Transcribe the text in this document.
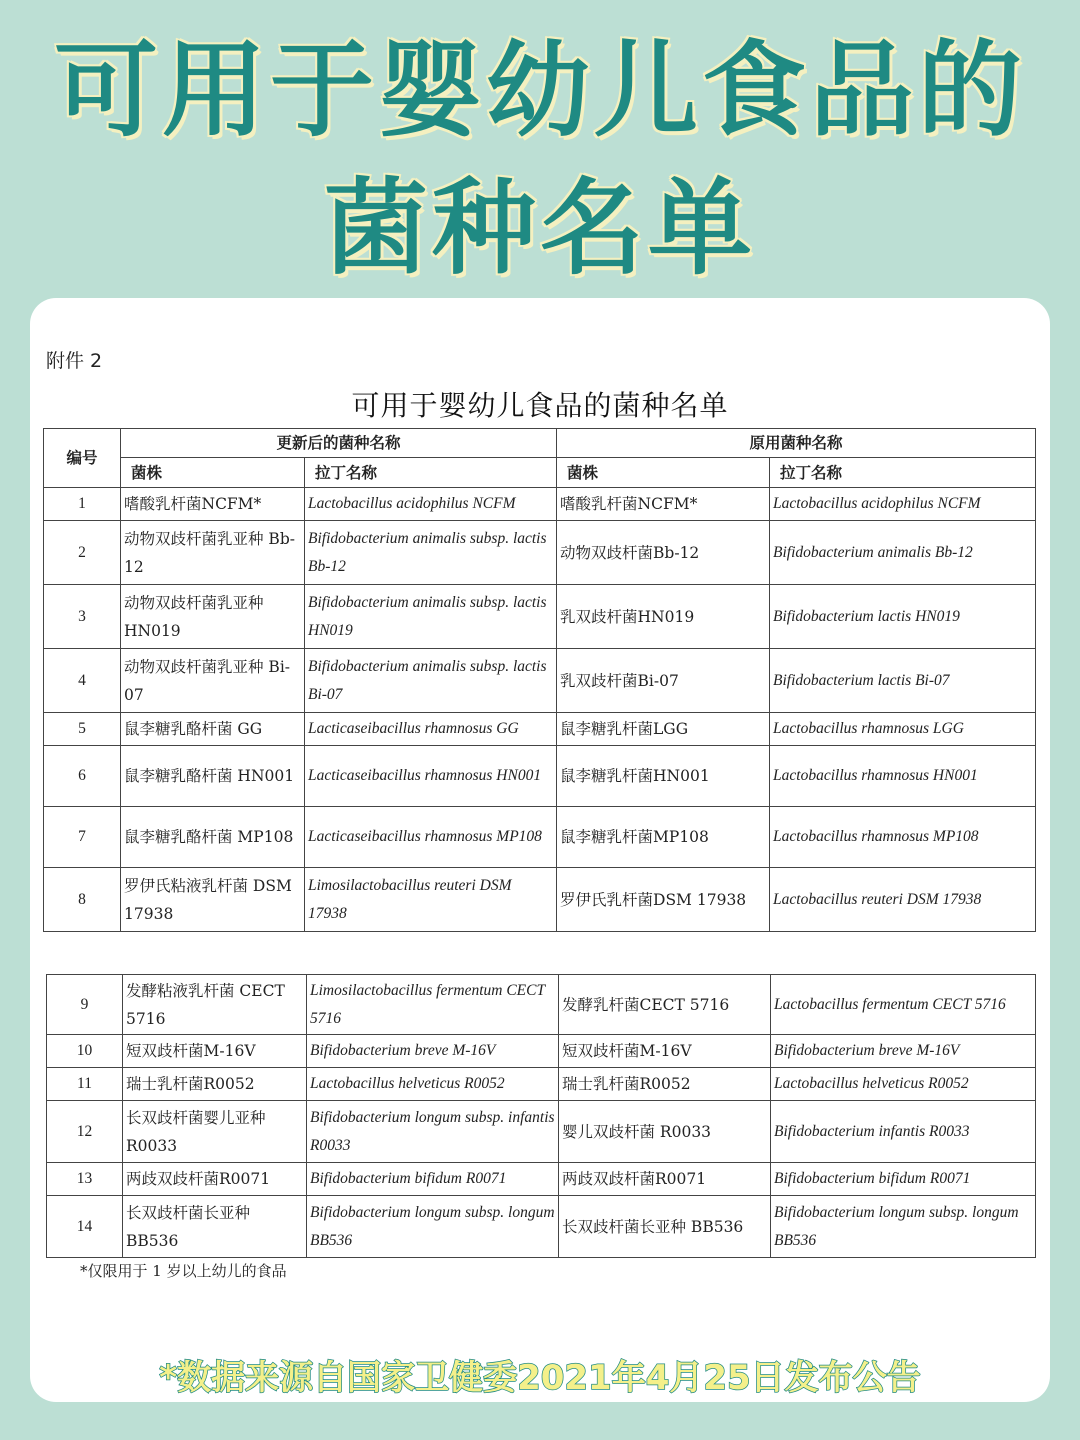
可用于婴幼儿食品的
菌种名单
附件 2
可用于婴幼儿食品的菌种名单
编号	更新后的菌种名称		原用菌种名称	
	菌株	拉丁名称	菌株	拉丁名称
1	嗜酸乳杆菌NCFM*	Lactobacillus acidophilus NCFM	嗜酸乳杆菌NCFM*	Lactobacillus acidophilus NCFM
2	动物双歧杆菌乳亚种 Bb-12	Bifidobacterium animalis subsp. lactis Bb-12	动物双歧杆菌Bb-12	Bifidobacterium animalis Bb-12
3	动物双歧杆菌乳亚种 HN019	Bifidobacterium animalis subsp. lactis HN019	乳双歧杆菌HN019	Bifidobacterium lactis HN019
4	动物双歧杆菌乳亚种 Bi-07	Bifidobacterium animalis subsp. lactis Bi-07	乳双歧杆菌Bi-07	Bifidobacterium lactis Bi-07
5	鼠李糖乳酪杆菌 GG	Lacticaseibacillus rhamnosus GG	鼠李糖乳杆菌LGG	Lactobacillus rhamnosus LGG
6	鼠李糖乳酪杆菌 HN001	Lacticaseibacillus rhamnosus HN001	鼠李糖乳杆菌HN001	Lactobacillus rhamnosus HN001
7	鼠李糖乳酪杆菌 MP108	Lacticaseibacillus rhamnosus MP108	鼠李糖乳杆菌MP108	Lactobacillus rhamnosus MP108
8	罗伊氏粘液乳杆菌 DSM 17938	Limosilactobacillus reuteri DSM 17938	罗伊氏乳杆菌DSM 17938	Lactobacillus reuteri DSM 17938
9	发酵粘液乳杆菌 CECT 5716	Limosilactobacillus fermentum CECT 5716	发酵乳杆菌CECT 5716	Lactobacillus fermentum CECT 5716
10	短双歧杆菌M-16V	Bifidobacterium breve M-16V	短双歧杆菌M-16V	Bifidobacterium breve M-16V
11	瑞士乳杆菌R0052	Lactobacillus helveticus R0052	瑞士乳杆菌R0052	Lactobacillus helveticus R0052
12	长双歧杆菌婴儿亚种 R0033	Bifidobacterium longum subsp. infantis R0033	婴儿双歧杆菌 R0033	Bifidobacterium infantis R0033
13	两歧双歧杆菌R0071	Bifidobacterium bifidum R0071	两歧双歧杆菌R0071	Bifidobacterium bifidum R0071
14	长双歧杆菌长亚种 BB536	Bifidobacterium longum subsp. longum BB536	长双歧杆菌长亚种 BB536	Bifidobacterium longum subsp. longum BB536
*仅限用于 1 岁以上幼儿的食品
*数据来源自国家卫健委2021年4月25日发布公告
